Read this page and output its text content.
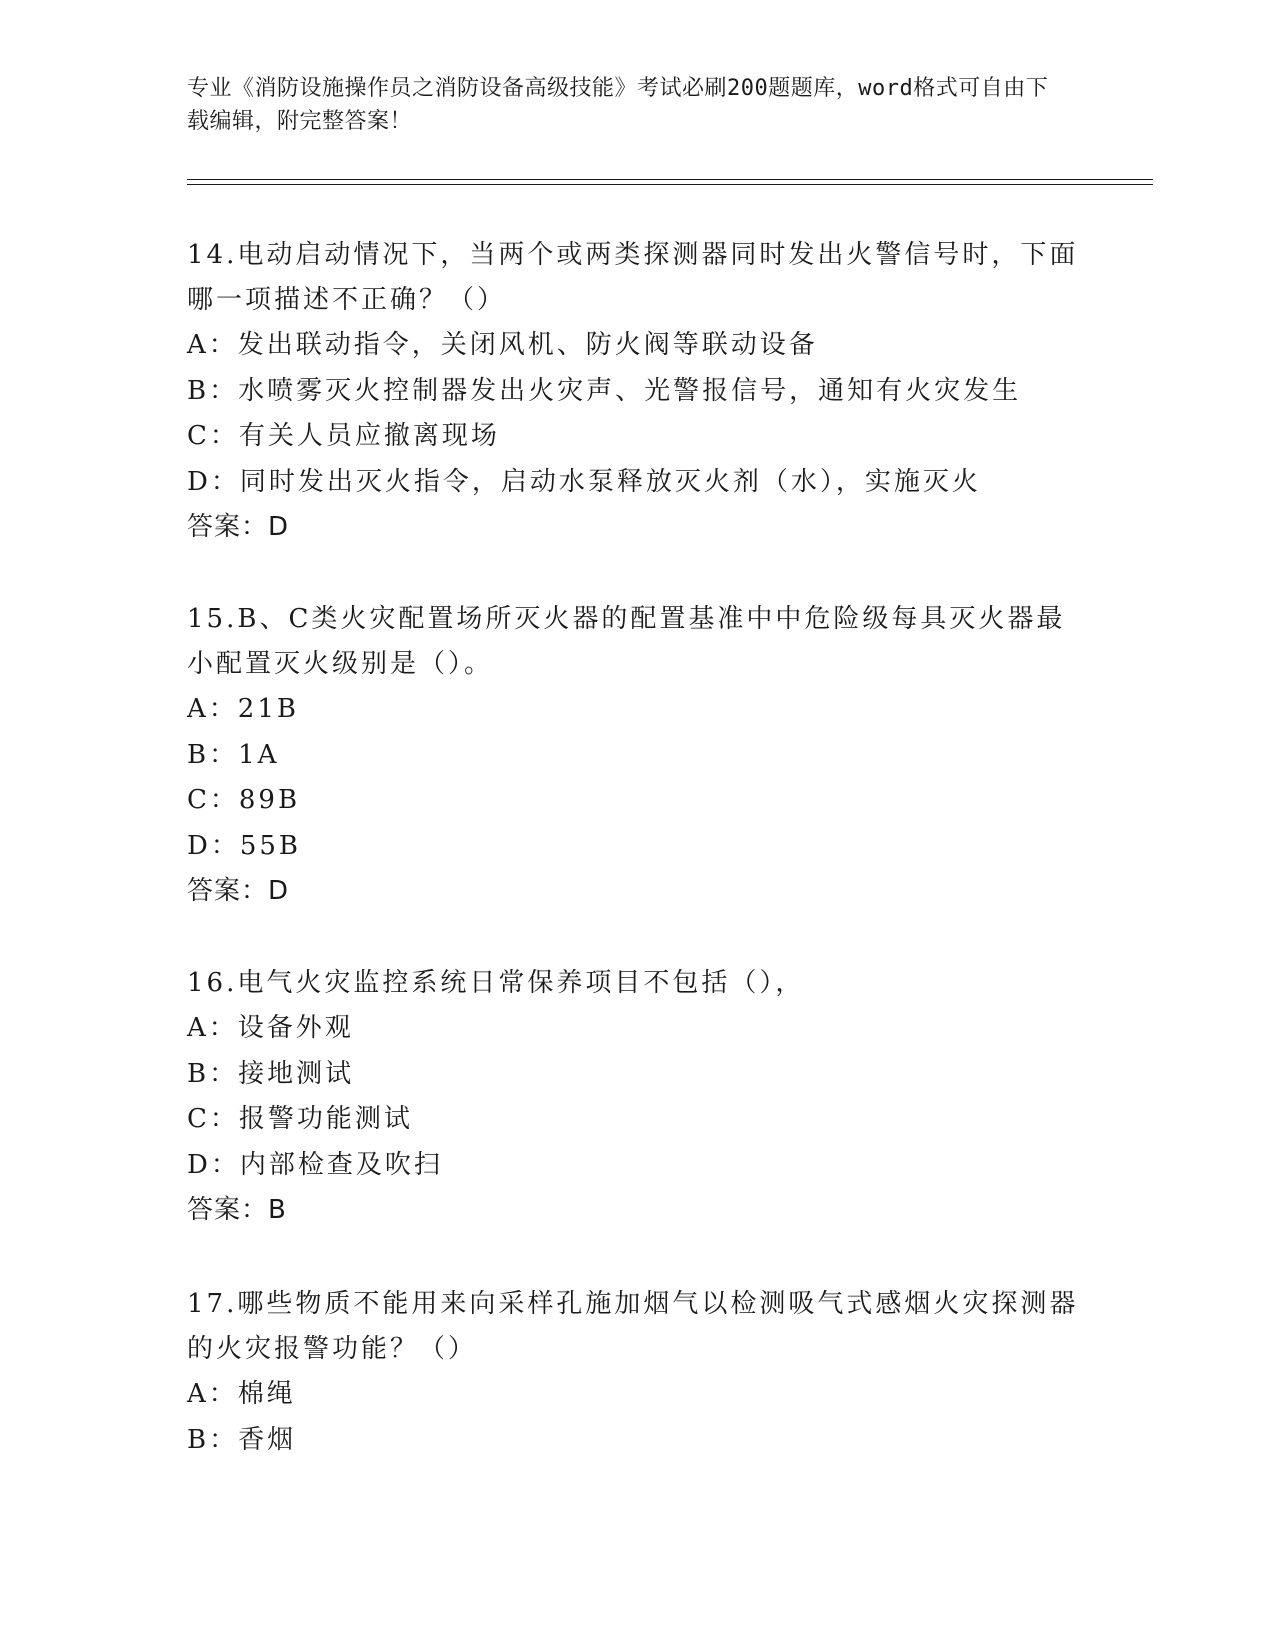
专业《消防设施操作员之消防设备高级技能》考试必刷200题题库，word格式可自由下载编辑，附完整答案！
14.电动启动情况下，当两个或两类探测器同时发出火警信号时，下面哪一项描述不正确？（）
A：发出联动指令，关闭风机、防火阀等联动设备
B：水喷雾灭火控制器发出火灾声、光警报信号，通知有火灾发生
C：有关人员应撤离现场
D：同时发出灭火指令，启动水泵释放灭火剂（水），实施灭火
答案：D
15.B、C类火灾配置场所灭火器的配置基准中中危险级每具灭火器最小配置灭火级别是（）。
A：21B
B：1A
C：89B
D：55B
答案：D
16.电气火灾监控系统日常保养项目不包括（），
A：设备外观
B：接地测试
C：报警功能测试
D：内部检查及吹扫
答案：B
17.哪些物质不能用来向采样孔施加烟气以检测吸气式感烟火灾探测器的火灾报警功能？（）
A：棉绳
B：香烟
